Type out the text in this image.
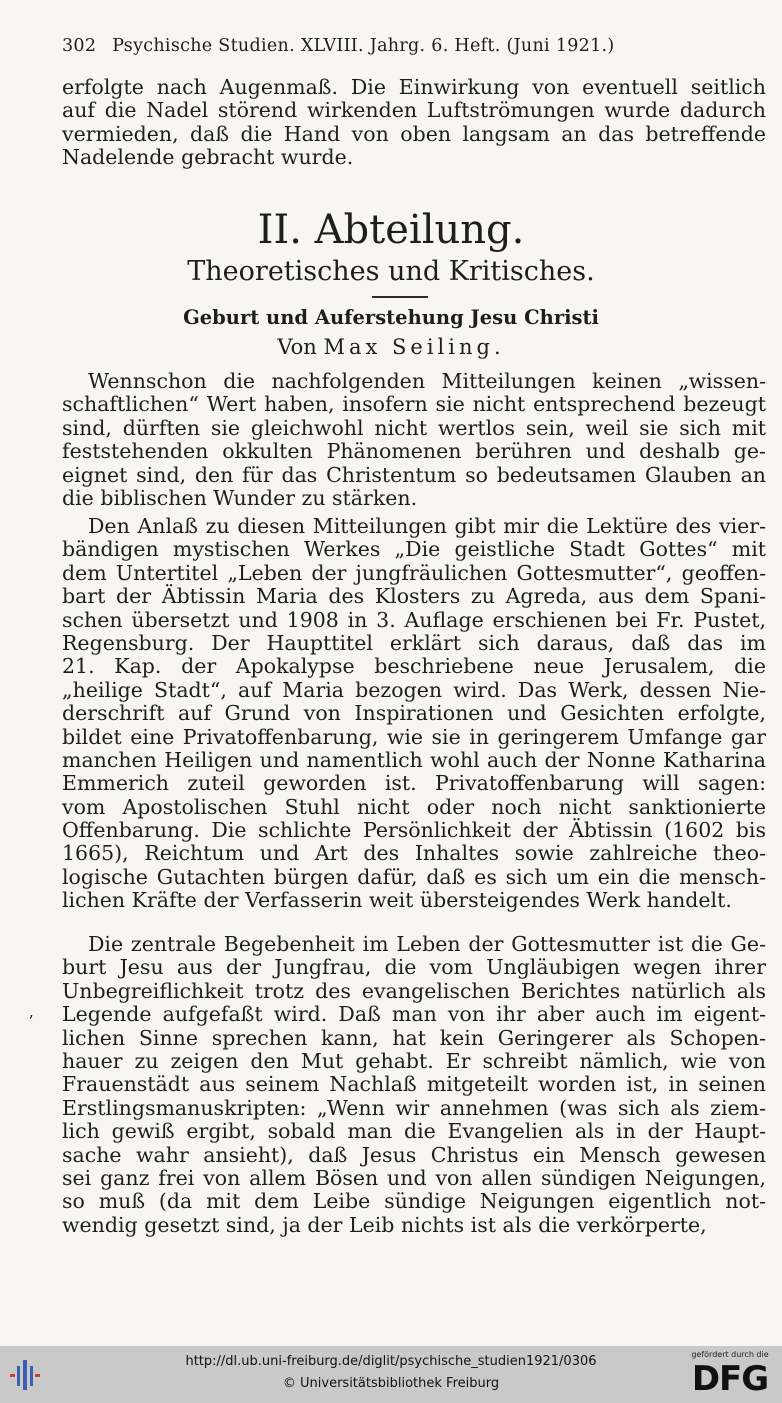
302 Psychische Studien. XLVIII. Jahrg. 6. Heft. (Juni 1921.)
erfolgte nach Augenmaß. Die Einwirkung von eventuell seitlich
auf die Nadel störend wirkenden Luftströmungen wurde dadurch
vermieden, daß die Hand von oben langsam an das betreffende
Nadelende gebracht wurde.
II. Abteilung.
Theoretisches und Kritisches.
Geburt und Auferstehung Jesu Christi
Von Max Seiling.
Wennschon die nachfolgenden Mitteilungen keinen „wissen-
schaftlichen“ Wert haben, insofern sie nicht entsprechend bezeugt
sind, dürften sie gleichwohl nicht wertlos sein, weil sie sich mit
feststehenden okkulten Phänomenen berühren und deshalb ge-
eignet sind, den für das Christentum so bedeutsamen Glauben an
die biblischen Wunder zu stärken.
Den Anlaß zu diesen Mitteilungen gibt mir die Lektüre des vier-
bändigen mystischen Werkes „Die geistliche Stadt Gottes“ mit
dem Untertitel „Leben der jungfräulichen Gottesmutter“, geoffen-
bart der Äbtissin Maria des Klosters zu Agreda, aus dem Spani-
schen übersetzt und 1908 in 3. Auflage erschienen bei Fr. Pustet,
Regensburg. Der Haupttitel erklärt sich daraus, daß das im
21. Kap. der Apokalypse beschriebene neue Jerusalem, die
„heilige Stadt“, auf Maria bezogen wird. Das Werk, dessen Nie-
derschrift auf Grund von Inspirationen und Gesichten erfolgte,
bildet eine Privatoffenbarung, wie sie in geringerem Umfange gar
manchen Heiligen und namentlich wohl auch der Nonne Katharina
Emmerich zuteil geworden ist. Privatoffenbarung will sagen:
vom Apostolischen Stuhl nicht oder noch nicht sanktionierte
Offenbarung. Die schlichte Persönlichkeit der Äbtissin (1602 bis
1665), Reichtum und Art des Inhaltes sowie zahlreiche theo-
logische Gutachten bürgen dafür, daß es sich um ein die mensch-
lichen Kräfte der Verfasserin weit übersteigendes Werk handelt.
Die zentrale Begebenheit im Leben der Gottesmutter ist die Ge-
burt Jesu aus der Jungfrau, die vom Ungläubigen wegen ihrer
Unbegreiflichkeit trotz des evangelischen Berichtes natürlich als
Legende aufgefaßt wird. Daß man von ihr aber auch im eigent-
lichen Sinne sprechen kann, hat kein Geringerer als Schopen-
hauer zu zeigen den Mut gehabt. Er schreibt nämlich, wie von
Frauenstädt aus seinem Nachlaß mitgeteilt worden ist, in seinen
Erstlingsmanuskripten: „Wenn wir annehmen (was sich als ziem-
lich gewiß ergibt, sobald man die Evangelien als in der Haupt-
sache wahr ansieht), daß Jesus Christus ein Mensch gewesen
sei ganz frei von allem Bösen und von allen sündigen Neigungen,
so muß (da mit dem Leibe sündige Neigungen eigentlich not-
wendig gesetzt sind, ja der Leib nichts ist als die verkörperte,
ʼ
http://dl.ub.uni-freiburg.de/diglit/psychische_studien1921/0306
© Universitätsbibliothek Freiburg
gefördert durch die
DFG
